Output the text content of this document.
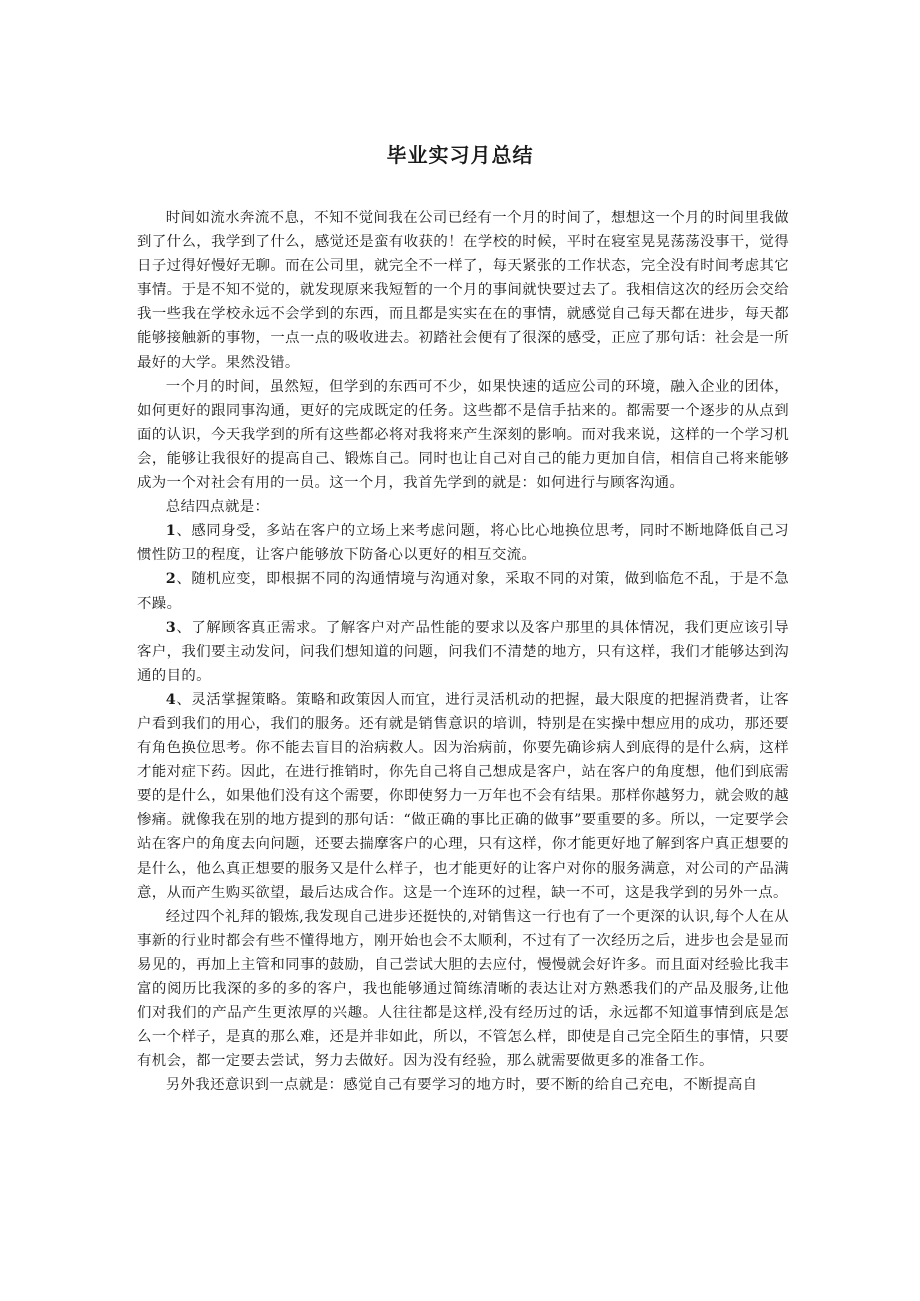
毕业实习月总结

时间如流水奔流不息，不知不觉间我在公司已经有一个月的时间了，想想这一个月的时间里我做到了什么，我学到了什么，感觉还是蛮有收获的！在学校的时候，平时在寝室晃晃荡荡没事干，觉得日子过得好慢好无聊。而在公司里，就完全不一样了，每天紧张的工作状态，完全没有时间考虑其它事情。于是不知不觉的，就发现原来我短暂的一个月的事间就快要过去了。我相信这次的经历会交给我一些我在学校永远不会学到的东西，而且都是实实在在的事情，就感觉自己每天都在进步，每天都能够接触新的事物，一点一点的吸收进去。初踏社会便有了很深的感受，正应了那句话：社会是一所最好的大学。果然没错。

一个月的时间，虽然短，但学到的东西可不少，如果快速的适应公司的环境，融入企业的团体，如何更好的跟同事沟通，更好的完成既定的任务。这些都不是信手拈来的。都需要一个逐步的从点到面的认识，今天我学到的所有这些都必将对我将来产生深刻的影响。而对我来说，这样的一个学习机会，能够让我很好的提高自己、锻炼自己。同时也让自己对自己的能力更加自信，相信自己将来能够成为一个对社会有用的一员。这一个月，我首先学到的就是：如何进行与顾客沟通。

总结四点就是：

1、感同身受，多站在客户的立场上来考虑问题，将心比心地换位思考，同时不断地降低自己习惯性防卫的程度，让客户能够放下防备心以更好的相互交流。

2、随机应变，即根据不同的沟通情境与沟通对象，采取不同的对策，做到临危不乱，于是不急不躁。

3、了解顾客真正需求。了解客户对产品性能的要求以及客户那里的具体情况，我们更应该引导客户，我们要主动发问，问我们想知道的问题，问我们不清楚的地方，只有这样，我们才能够达到沟通的目的。

4、灵活掌握策略。策略和政策因人而宜，进行灵活机动的把握，最大限度的把握消费者，让客户看到我们的用心，我们的服务。还有就是销售意识的培训，特别是在实操中想应用的成功，那还要有角色换位思考。你不能去盲目的治病救人。因为治病前，你要先确诊病人到底得的是什么病，这样才能对症下药。因此，在进行推销时，你先自己将自己想成是客户，站在客户的角度想，他们到底需要的是什么，如果他们没有这个需要，你即使努力一万年也不会有结果。那样你越努力，就会败的越惨痛。就像我在别的地方提到的那句话：“做正确的事比正确的做事”要重要的多。所以，一定要学会站在客户的角度去向问题，还要去揣摩客户的心理，只有这样，你才能更好地了解到客户真正想要的是什么，他么真正想要的服务又是什么样子，也才能更好的让客户对你的服务满意，对公司的产品满意，从而产生购买欲望，最后达成合作。这是一个连环的过程，缺一不可，这是我学到的另外一点。

经过四个礼拜的锻炼,我发现自己进步还挺快的,对销售这一行也有了一个更深的认识,每个人在从事新的行业时都会有些不懂得地方，刚开始也会不太顺利，不过有了一次经历之后，进步也会是显而易见的，再加上主管和同事的鼓励，自己尝试大胆的去应付，慢慢就会好许多。而且面对经验比我丰富的阅历比我深的多的多的客户，我也能够通过简练清晰的表达让对方熟悉我们的产品及服务,让他们对我们的产品产生更浓厚的兴趣。人往往都是这样,没有经历过的话，永远都不知道事情到底是怎么一个样子，是真的那么难，还是并非如此，所以，不管怎么样，即使是自己完全陌生的事情，只要有机会，都一定要去尝试，努力去做好。因为没有经验，那么就需要做更多的准备工作。

另外我还意识到一点就是：感觉自己有要学习的地方时，要不断的给自己充电，不断提高自
